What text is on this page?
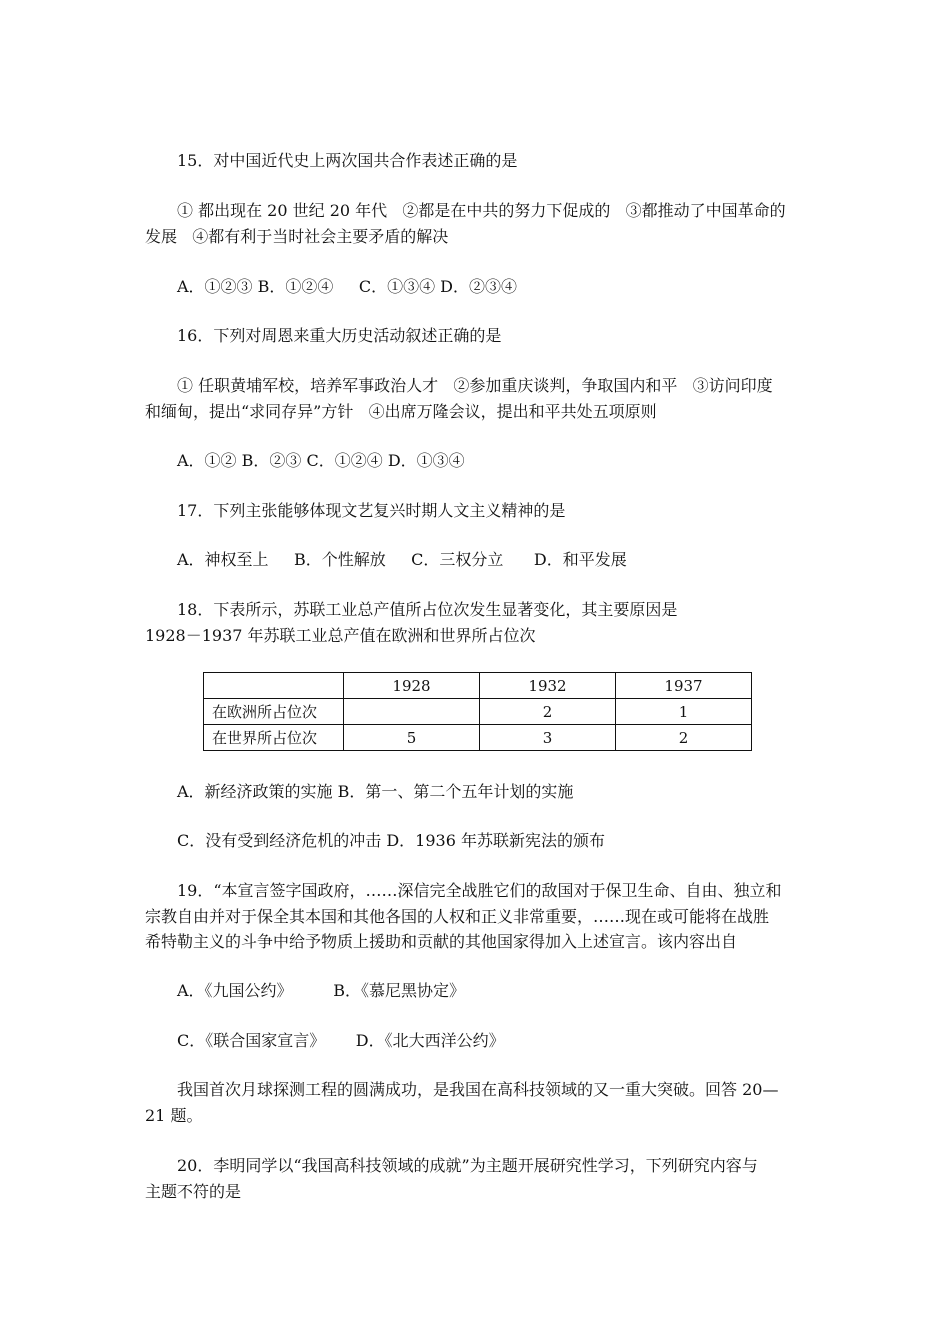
15．对中国近代史上两次国共合作表述正确的是
① 都出现在 20 世纪 20 年代   ②都是在中共的努力下促成的   ③都推动了中国革命的
发展   ④都有利于当时社会主要矛盾的解决
A．①②③ B．①②④     C．①③④ D．②③④
16．下列对周恩来重大历史活动叙述正确的是
① 任职黄埔军校，培养军事政治人才   ②参加重庆谈判，争取国内和平   ③访问印度
和缅甸，提出“求同存异”方针   ④出席万隆会议，提出和平共处五项原则
A．①② B．②③ C．①②④ D．①③④
17．下列主张能够体现文艺复兴时期人文主义精神的是
A．神权至上     B．个性解放     C．三权分立      D．和平发展
18．下表所示，苏联工业总产值所占位次发生显著变化，其主要原因是
1928－1937 年苏联工业总产值在欧洲和世界所占位次
	1928	1932	1937
在欧洲所占位次		2	1
在世界所占位次	5	3	2
A．新经济政策的实施 B．第一、第二个五年计划的实施
C．没有受到经济危机的冲击 D．1936 年苏联新宪法的颁布
19．“本宣言签字国政府，……深信完全战胜它们的敌国对于保卫生命、自由、独立和
宗教自由并对于保全其本国和其他各国的人权和正义非常重要，……现在或可能将在战胜
希特勒主义的斗争中给予物质上援助和贡献的其他国家得加入上述宣言。该内容出自
A．《九国公约》        B．《慕尼黑协定》
C．《联合国家宣言》      D．《北大西洋公约》
我国首次月球探测工程的圆满成功，是我国在高科技领域的又一重大突破。回答 20—
21 题。
20．李明同学以“我国高科技领域的成就”为主题开展研究性学习，下列研究内容与
主题不符的是
